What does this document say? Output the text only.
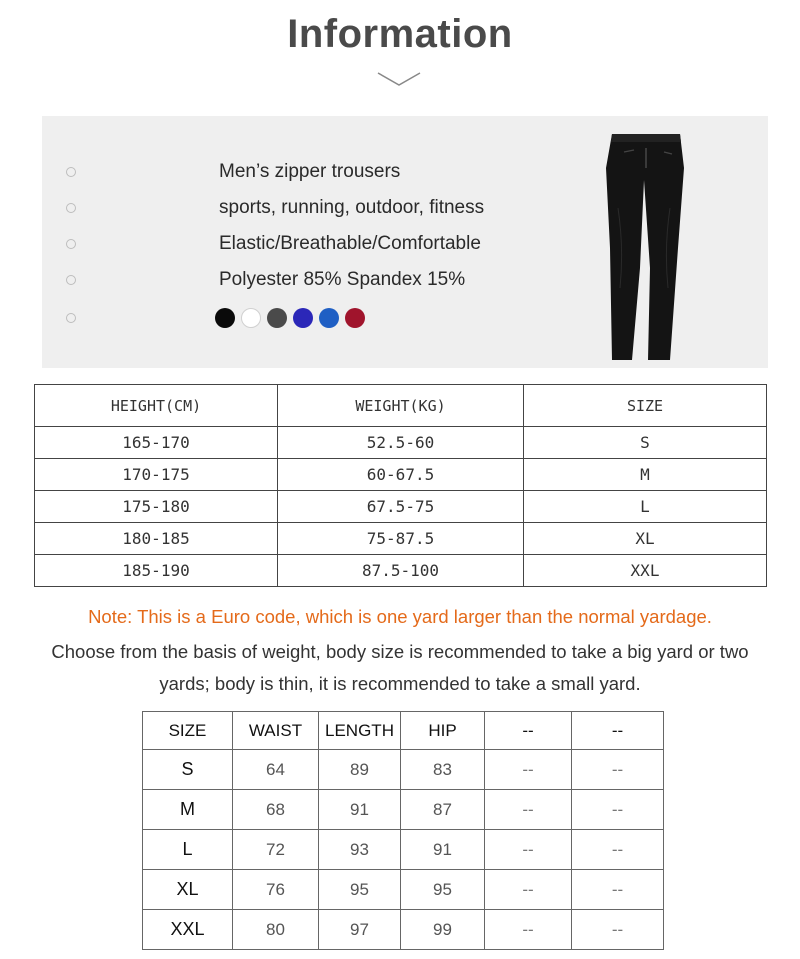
Information
Men’s zipper trousers
sports, running, outdoor, fitness
Elastic/Breathable/Comfortable
Polyester 85% Spandex 15%
HEIGHT(CM)	WEIGHT(KG)	SIZE
165-170	52.5-60	S
170-175	60-67.5	M
175-180	67.5-75	L
180-185	75-87.5	XL
185-190	87.5-100	XXL
Note: This is a Euro code, which is one yard larger than the normal yardage.
Choose from the basis of weight, body size is recommended to take a big yard or two yards; body is thin, it is recommended to take a small yard.
SIZE	WAIST	LENGTH	HIP	--	--
S	64	89	83	--	--
M	68	91	87	--	--
L	72	93	91	--	--
XL	76	95	95	--	--
XXL	80	97	99	--	--
